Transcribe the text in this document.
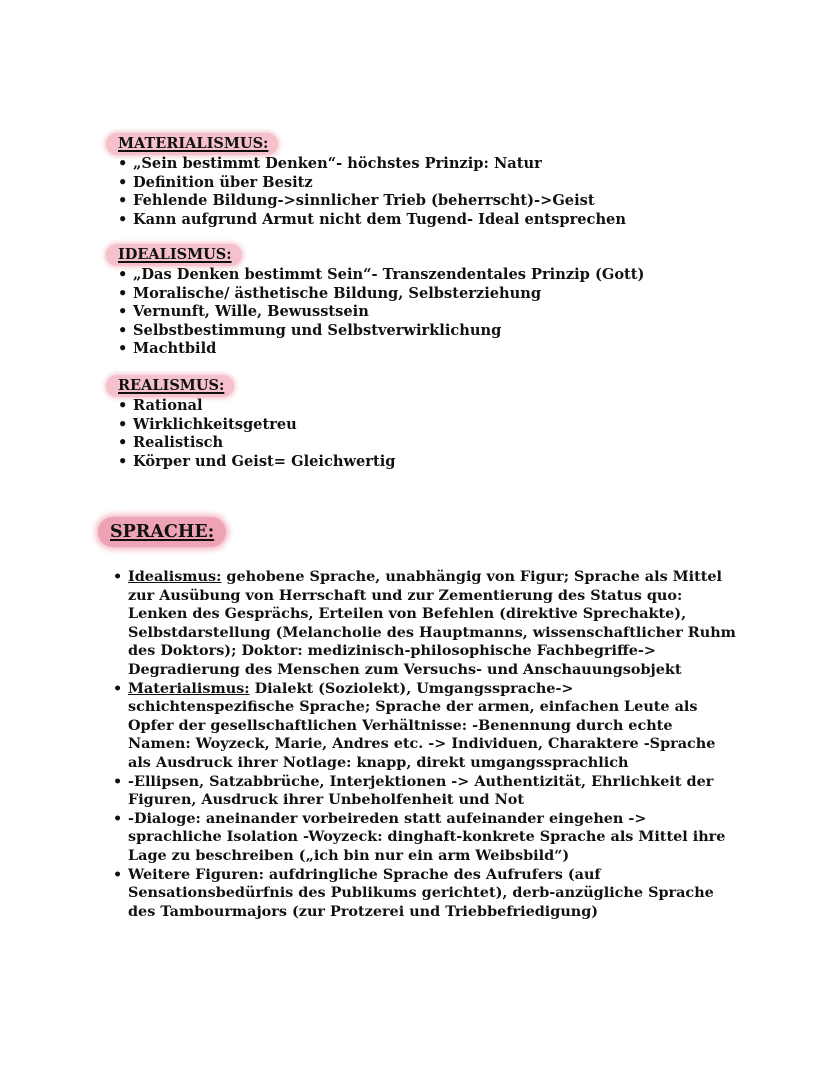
MATERIALISMUS:
• „Sein bestimmt Denken“- höchstes Prinzip: Natur
• Definition über Besitz
• Fehlende Bildung->sinnlicher Trieb (beherrscht)->Geist
• Kann aufgrund Armut nicht dem Tugend- Ideal entsprechen
IDEALISMUS:
• „Das Denken bestimmt Sein“- Transzendentales Prinzip (Gott)
• Moralische/ ästhetische Bildung, Selbsterziehung
• Vernunft, Wille, Bewusstsein
• Selbstbestimmung und Selbstverwirklichung
• Machtbild
REALISMUS:
• Rational
• Wirklichkeitsgetreu
• Realistisch
• Körper und Geist= Gleichwertig
SPRACHE:
• Idealismus: gehobene Sprache, unabhängig von Figur; Sprache als Mittel zur Ausübung von Herrschaft und zur Zementierung des Status quo: Lenken des Gesprächs, Erteilen von Befehlen (direktive Sprechakte), Selbstdarstellung (Melancholie des Hauptmanns, wissenschaftlicher Ruhm des Doktors); Doktor: medizinisch-philosophische Fachbegriffe-> Degradierung des Menschen zum Versuchs- und Anschauungsobjekt
• Materialismus: Dialekt (Soziolekt), Umgangssprache-> schichtenspezifische Sprache; Sprache der armen, einfachen Leute als Opfer der gesellschaftlichen Verhältnisse: -Benennung durch echte Namen: Woyzeck, Marie, Andres etc. -> Individuen, Charaktere -Sprache als Ausdruck ihrer Notlage: knapp, direkt umgangssprachlich
• -Ellipsen, Satzabbrüche, Interjektionen -> Authentizität, Ehrlichkeit der Figuren, Ausdruck ihrer Unbeholfenheit und Not
• -Dialoge: aneinander vorbeireden statt aufeinander eingehen -> sprachliche Isolation -Woyzeck: dinghaft-konkrete Sprache als Mittel ihre Lage zu beschreiben („ich bin nur ein arm Weibsbild“)
• Weitere Figuren: aufdringliche Sprache des Aufrufers (auf Sensationsbedürfnis des Publikums gerichtet), derb-anzügliche Sprache des Tambourmajors (zur Protzerei und Triebbefriedigung)
